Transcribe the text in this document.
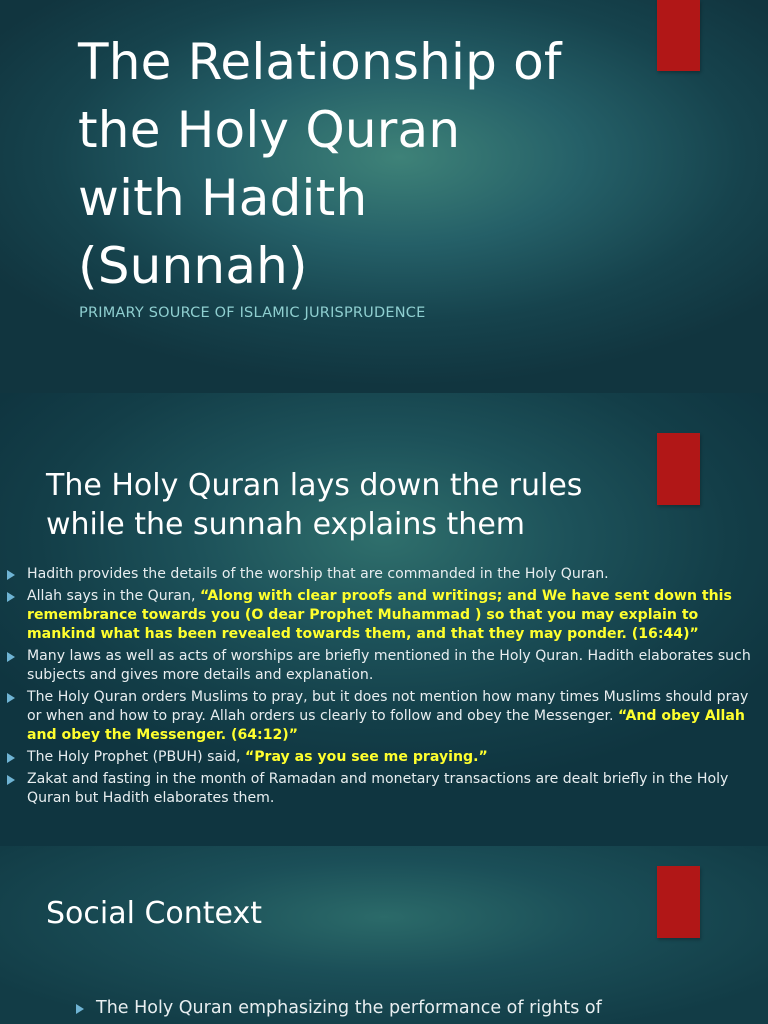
The Relationship of
the Holy Quran
with Hadith
(Sunnah)
PRIMARY SOURCE OF ISLAMIC JURISPRUDENCE
The Holy Quran lays down the rules
while the sunnah explains them
Hadith provides the details of the worship that are commanded in the Holy Quran.
Allah says in the Quran, “Along with clear proofs and writings; and We have sent down this remembrance towards you (O dear Prophet Muhammad ) so that you may explain to mankind what has been revealed towards them, and that they may ponder. (16:44)”
Many laws as well as acts of worships are briefly mentioned in the Holy Quran. Hadith elaborates such subjects and gives more details and explanation.
The Holy Quran orders Muslims to pray, but it does not mention how many times Muslims should pray or when and how to pray. Allah orders us clearly to follow and obey the Messenger. “And obey Allah and obey the Messenger. (64:12)”
The Holy Prophet (PBUH) said, “Pray as you see me praying.”
Zakat and fasting in the month of Ramadan and monetary transactions are dealt briefly in the Holy Quran but Hadith elaborates them.
Social Context
The Holy Quran emphasizing the performance of rights of
